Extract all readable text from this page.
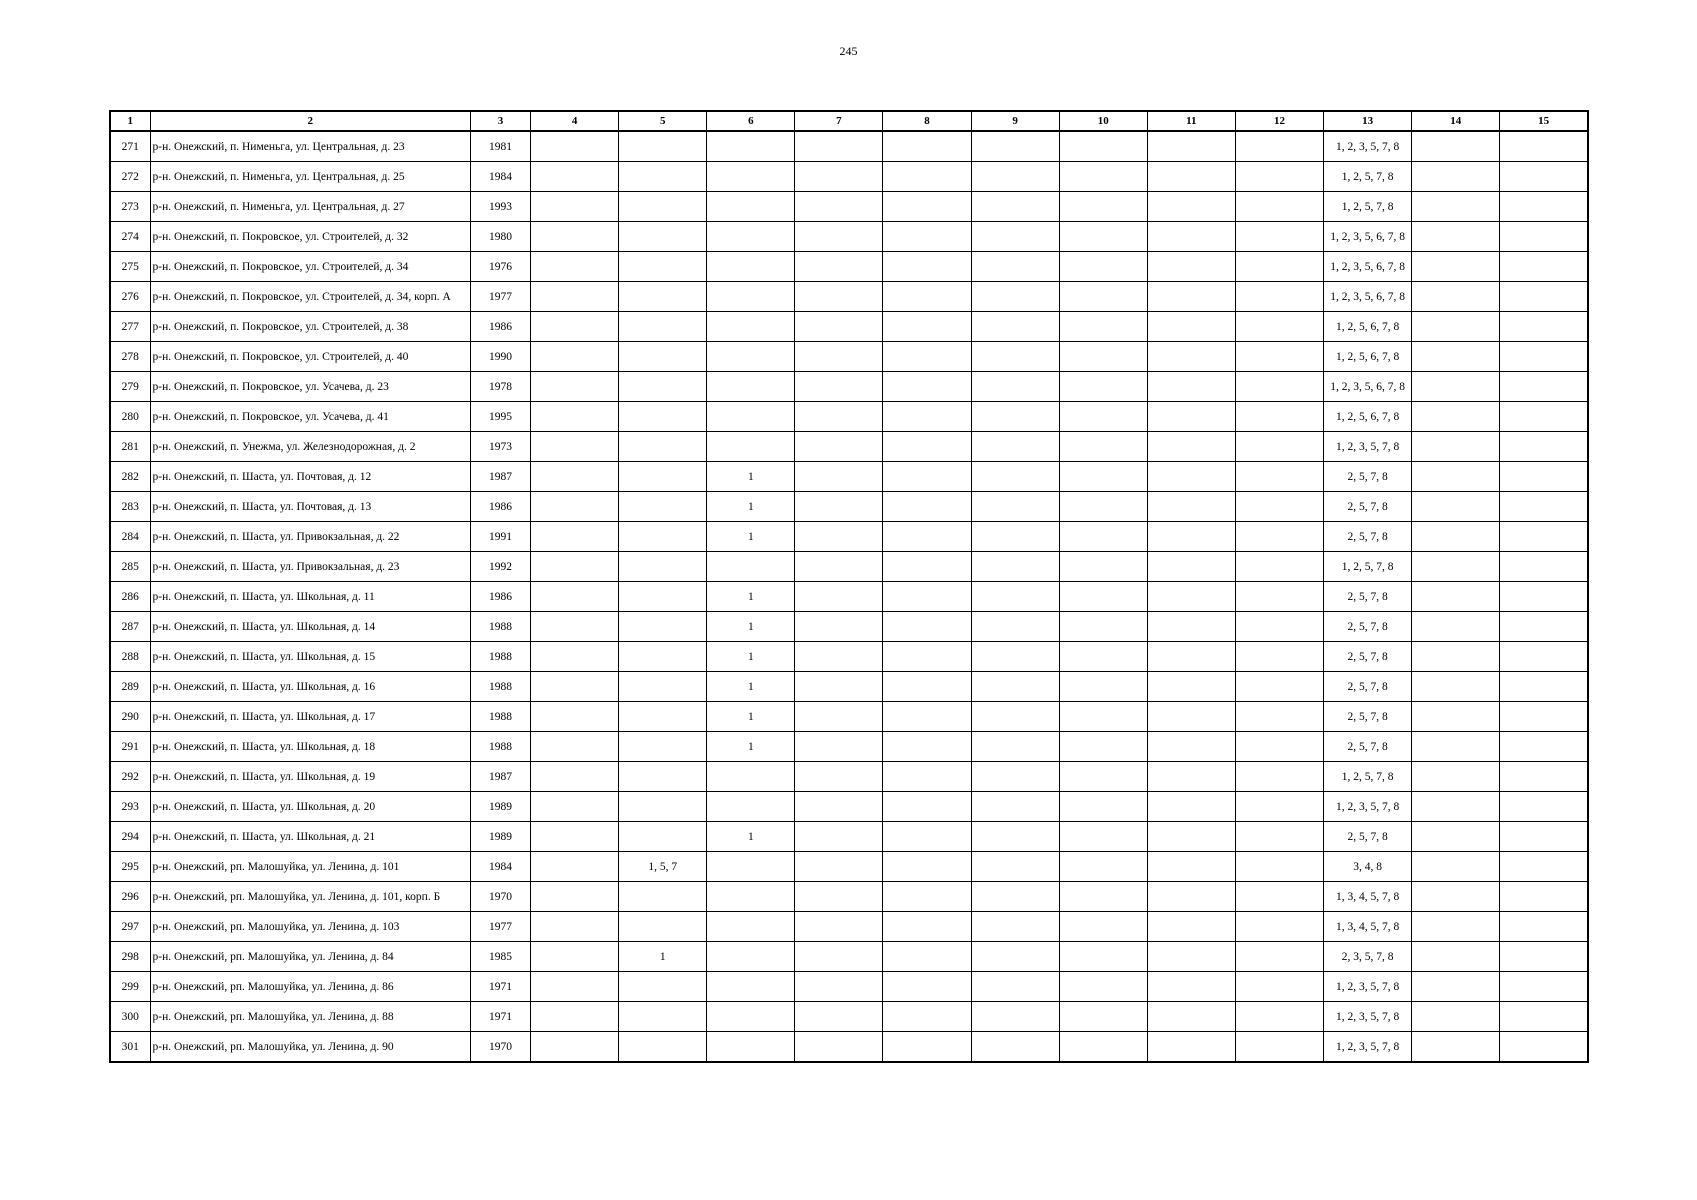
245
1	2	3	4	5	6	7	8	9	10	11	12	13	14	15
271	р-н. Онежский, п. Нименьга, ул. Центральная, д. 23	1981										1, 2, 3, 5, 7, 8		
272	р-н. Онежский, п. Нименьга, ул. Центральная, д. 25	1984										1, 2, 5, 7, 8		
273	р-н. Онежский, п. Нименьга, ул. Центральная, д. 27	1993										1, 2, 5, 7, 8		
274	р-н. Онежский, п. Покровское, ул. Строителей, д. 32	1980										1, 2, 3, 5, 6, 7, 8		
275	р-н. Онежский, п. Покровское, ул. Строителей, д. 34	1976										1, 2, 3, 5, 6, 7, 8		
276	р-н. Онежский, п. Покровское, ул. Строителей, д. 34, корп. А	1977										1, 2, 3, 5, 6, 7, 8		
277	р-н. Онежский, п. Покровское, ул. Строителей, д. 38	1986										1, 2, 5, 6, 7, 8		
278	р-н. Онежский, п. Покровское, ул. Строителей, д. 40	1990										1, 2, 5, 6, 7, 8		
279	р-н. Онежский, п. Покровское, ул. Усачева, д. 23	1978										1, 2, 3, 5, 6, 7, 8		
280	р-н. Онежский, п. Покровское, ул. Усачева, д. 41	1995										1, 2, 5, 6, 7, 8		
281	р-н. Онежский, п. Унежма, ул. Железнодорожная, д. 2	1973										1, 2, 3, 5, 7, 8		
282	р-н. Онежский, п. Шаста, ул. Почтовая, д. 12	1987			1							2, 5, 7, 8		
283	р-н. Онежский, п. Шаста, ул. Почтовая, д. 13	1986			1							2, 5, 7, 8		
284	р-н. Онежский, п. Шаста, ул. Привокзальная, д. 22	1991			1							2, 5, 7, 8		
285	р-н. Онежский, п. Шаста, ул. Привокзальная, д. 23	1992										1, 2, 5, 7, 8		
286	р-н. Онежский, п. Шаста, ул. Школьная, д. 11	1986			1							2, 5, 7, 8		
287	р-н. Онежский, п. Шаста, ул. Школьная, д. 14	1988			1							2, 5, 7, 8		
288	р-н. Онежский, п. Шаста, ул. Школьная, д. 15	1988			1							2, 5, 7, 8		
289	р-н. Онежский, п. Шаста, ул. Школьная, д. 16	1988			1							2, 5, 7, 8		
290	р-н. Онежский, п. Шаста, ул. Школьная, д. 17	1988			1							2, 5, 7, 8		
291	р-н. Онежский, п. Шаста, ул. Школьная, д. 18	1988			1							2, 5, 7, 8		
292	р-н. Онежский, п. Шаста, ул. Школьная, д. 19	1987										1, 2, 5, 7, 8		
293	р-н. Онежский, п. Шаста, ул. Школьная, д. 20	1989										1, 2, 3, 5, 7, 8		
294	р-н. Онежский, п. Шаста, ул. Школьная, д. 21	1989			1							2, 5, 7, 8		
295	р-н. Онежский, рп. Малошуйка, ул. Ленина, д. 101	1984		1, 5, 7								3, 4, 8		
296	р-н. Онежский, рп. Малошуйка, ул. Ленина, д. 101, корп. Б	1970										1, 3, 4, 5, 7, 8		
297	р-н. Онежский, рп. Малошуйка, ул. Ленина, д. 103	1977										1, 3, 4, 5, 7, 8		
298	р-н. Онежский, рп. Малошуйка, ул. Ленина, д. 84	1985		1								2, 3, 5, 7, 8		
299	р-н. Онежский, рп. Малошуйка, ул. Ленина, д. 86	1971										1, 2, 3, 5, 7, 8		
300	р-н. Онежский, рп. Малошуйка, ул. Ленина, д. 88	1971										1, 2, 3, 5, 7, 8		
301	р-н. Онежский, рп. Малошуйка, ул. Ленина, д. 90	1970										1, 2, 3, 5, 7, 8		
